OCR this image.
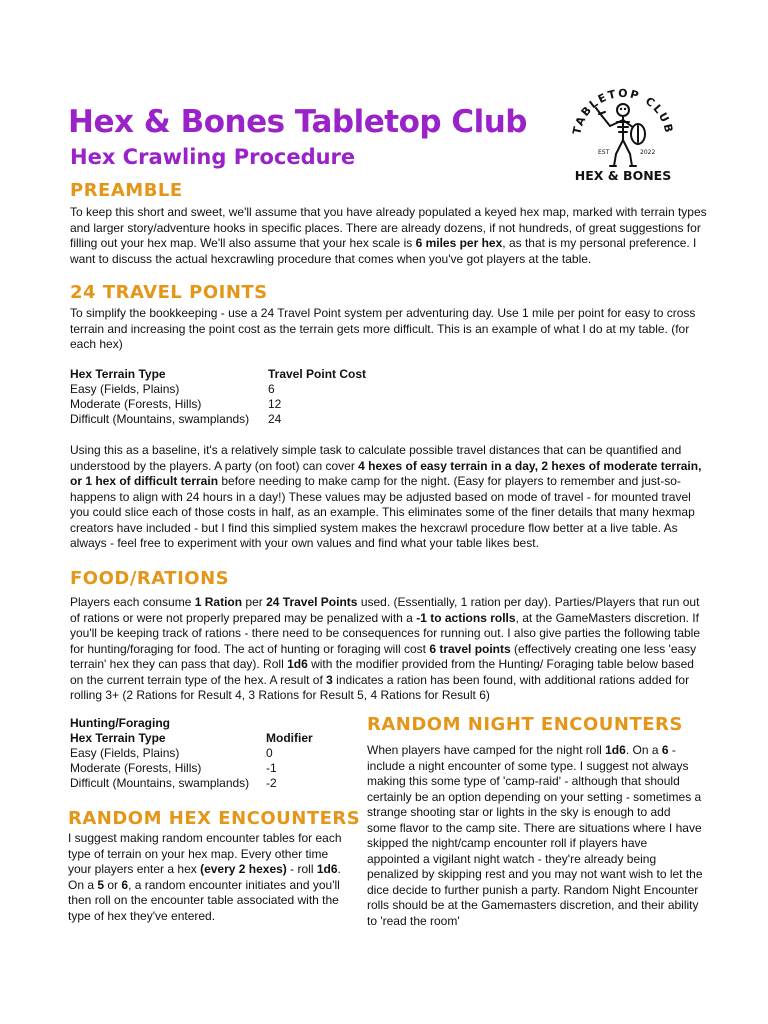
Hex & Bones Tabletop Club
Hex Crawling Procedure
TABLETOP CLUB
EST	2022
HEX & BONES
PREAMBLE

To keep this short and sweet, we'll assume that you have already populated a keyed hex map, marked with terrain types and larger story/adventure hooks in specific places. There are already dozens, if not hundreds, of great suggestions for filling out your hex map. We'll also assume that your hex scale is 6 miles per hex, as that is my personal preference. I want to discuss the actual hexcrawling procedure that comes when you've got players at the table.

24 TRAVEL POINTS

To simplify the bookkeeping - use a 24 Travel Point system per adventuring day. Use 1 mile per point for easy to cross terrain and increasing the point cost as the terrain gets more difficult. This is an example of what I do at my table. (for each hex)

Hex Terrain Type	Travel Point Cost
Easy (Fields, Plains)	6
Moderate (Forests, Hills)	12
Difficult (Mountains, swamplands)	24

Using this as a baseline, it's a relatively simple task to calculate possible travel distances that can be quantified and understood by the players. A party (on foot) can cover 4 hexes of easy terrain in a day, 2 hexes of moderate terrain, or 1 hex of difficult terrain before needing to make camp for the night. (Easy for players to remember and just-so-happens to align with 24 hours in a day!) These values may be adjusted based on mode of travel - for mounted travel you could slice each of those costs in half, as an example. This eliminates some of the finer details that many hexmap creators have included - but I find this simplied system makes the hexcrawl procedure flow better at a live table. As always - feel free to experiment with your own values and find what your table likes best.

FOOD/RATIONS

Players each consume 1 Ration per 24 Travel Points used. (Essentially, 1 ration per day). Parties/Players that run out of rations or were not properly prepared may be penalized with a -1 to actions rolls, at the GameMasters discretion. If you'll be keeping track of rations - there need to be consequences for running out. I also give parties the following table for hunting/foraging for food. The act of hunting or foraging will cost 6 travel points (effectively creating one less 'easy terrain' hex they can pass that day). Roll 1d6 with the modifier provided from the Hunting/ Foraging table below based on the current terrain type of the hex. A result of 3 indicates a ration has been found, with additional rations added for rolling 3+ (2 Rations for Result 4, 3 Rations for Result 5, 4 Rations for Result 6)

Hunting/Foraging
Hex Terrain Type	Modifier
Easy (Fields, Plains)	0
Moderate (Forests, Hills)	-1
Difficult (Mountains, swamplands)	-2
RANDOM HEX ENCOUNTERS

I suggest making random encounter tables for each type of terrain on your hex map. Every other time your players enter a hex (every 2 hexes) - roll 1d6. On a 5 or 6, a random encounter initiates and you'll then roll on the encounter table associated with the type of hex they've entered.

RANDOM NIGHT ENCOUNTERS

When players have camped for the night roll 1d6. On a 6 - include a night encounter of some type. I suggest not always making this some type of 'camp-raid' - although that should certainly be an option depending on your setting - sometimes a strange shooting star or lights in the sky is enough to add some flavor to the camp site. There are situations where I have skipped the night/camp encounter roll if players have appointed a vigilant night watch - they're already being penalized by skipping rest and you may not want wish to let the dice decide to further punish a party. Random Night Encounter rolls should be at the Gamemasters discretion, and their ability to 'read the room'
